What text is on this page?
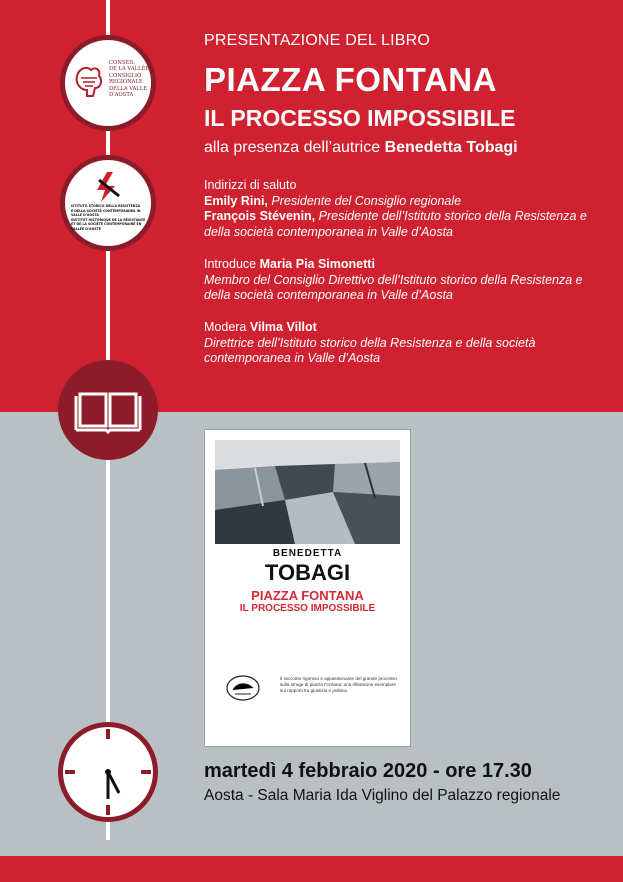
CONSEIL
DE LA VALLÉE
CONSIGLIO
REGIONALE
DELLA VALLE
D’AOSTA
ISTITUTO STORICO DELLA RESISTENZA
E DELLA SOCIETÀ CONTEMPORANEA IN VALLE D’AOSTA
INSTITUT HISTORIQUE DE LA RÉSISTANCE
ET DE LA SOCIÉTÉ CONTEMPORAINE EN VALLÉE D’AOSTE
PRESENTAZIONE DEL LIBRO
PIAZZA FONTANA
IL PROCESSO IMPOSSIBILE
alla presenza dell’autrice Benedetta Tobagi
Indirizzi di saluto
Emily Rini, Presidente del Consiglio regionale
François Stévenin, Presidente dell’Istituto storico della Resistenza e della società contemporanea in Valle d’Aosta
Introduce Maria Pia Simonetti
Membro del Consiglio Direttivo dell’Istituto storico della Resistenza e della società contemporanea in Valle d’Aosta
Modera Vilma Villot
Direttrice dell’Istituto storico della Resistenza e della società contemporanea in Valle d’Aosta
BENEDETTA
TOBAGI
PIAZZA FONTANA
IL PROCESSO IMPOSSIBILE
Il racconto rigoroso e appassionante del grande processo sulla strage di piazza Fontana: una riflessione esemplare sui rapporti tra giustizia e politica.
martedì 4 febbraio 2020 - ore 17.30
Aosta - Sala Maria Ida Viglino del Palazzo regionale
